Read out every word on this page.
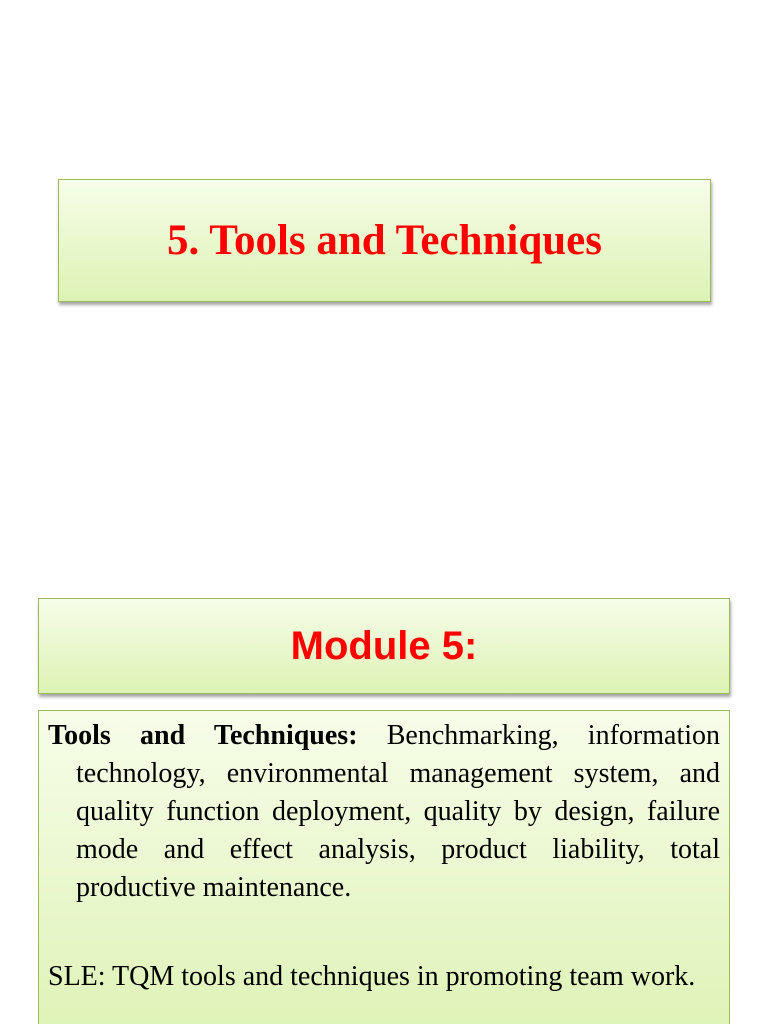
5. Tools and Techniques
Module 5:

Tools and Techniques: Benchmarking, information technology, environmental management system, and quality function deployment, quality by design, failure mode and effect analysis, product liability, total productive maintenance.

SLE: TQM tools and techniques in promoting team work.
